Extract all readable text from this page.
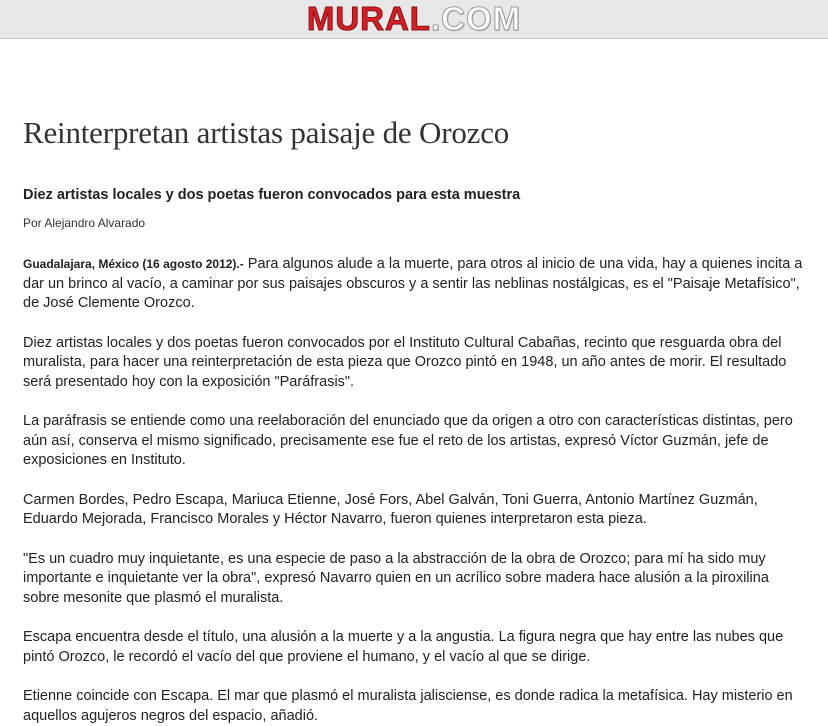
MURAL .COM
Reinterpretan artistas paisaje de Orozco
Diez artistas locales y dos poetas fueron convocados para esta muestra
Por Alejandro Alvarado

Guadalajara, México (16 agosto 2012).- Para algunos alude a la muerte, para otros al inicio de una vida, hay a quienes incita a dar un brinco al vacío, a caminar por sus paisajes obscuros y a sentir las neblinas nostálgicas, es el "Paisaje Metafísico", de José Clemente Orozco.

Diez artistas locales y dos poetas fueron convocados por el Instituto Cultural Cabañas, recinto que resguarda obra del muralista, para hacer una reinterpretación de esta pieza que Orozco pintó en 1948, un año antes de morir. El resultado será presentado hoy con la exposición "Paráfrasis".

La paráfrasis se entiende como una reelaboración del enunciado que da origen a otro con características distintas, pero aún así, conserva el mismo significado, precisamente ese fue el reto de los artistas, expresó Víctor Guzmán, jefe de exposiciones en Instituto.

Carmen Bordes, Pedro Escapa, Mariuca Etienne, José Fors, Abel Galván, Toni Guerra, Antonio Martínez Guzmán, Eduardo Mejorada, Francisco Morales y Héctor Navarro, fueron quienes interpretaron esta pieza.

"Es un cuadro muy inquietante, es una especie de paso a la abstracción de la obra de Orozco; para mí ha sido muy importante e inquietante ver la obra", expresó Navarro quien en un acrílico sobre madera hace alusión a la piroxilina sobre mesonite que plasmó el muralista.

Escapa encuentra desde el título, una alusión a la muerte y a la angustia. La figura negra que hay entre las nubes que pintó Orozco, le recordó el vacío del que proviene el humano, y el vacío al que se dirige.

Etienne coincide con Escapa. El mar que plasmó el muralista jalisciense, es donde radica la metafísica. Hay misterio en aquellos agujeros negros del espacio, añadió.
